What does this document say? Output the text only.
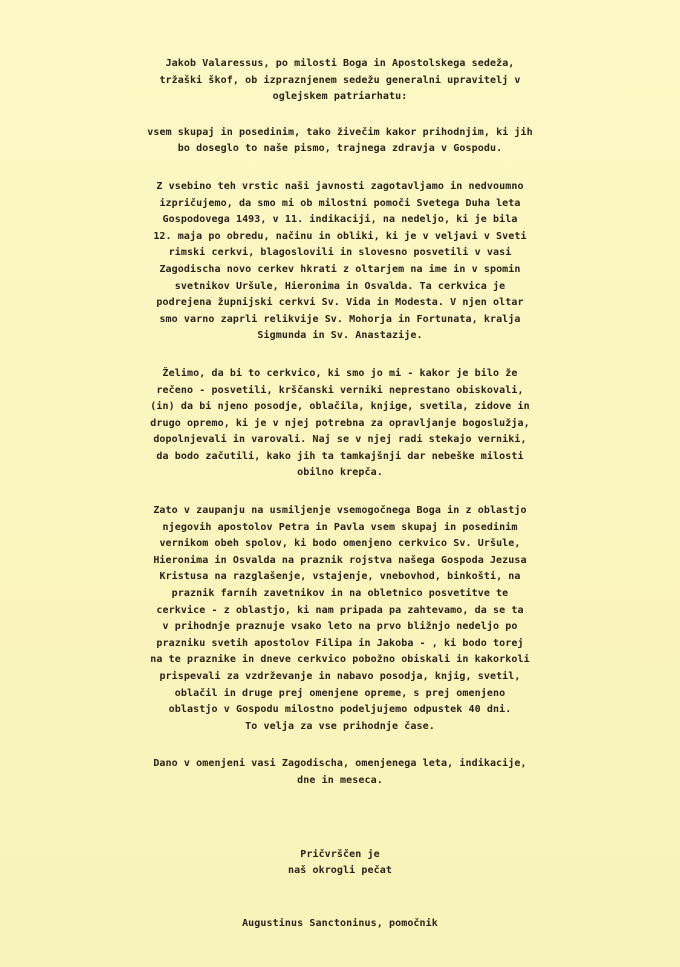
Jakob Valaressus, po milosti Boga in Apostolskega sedeža,
tržaški škof, ob izpraznjenem sedežu generalni upravitelj v
oglejskem patriarhatu:
vsem skupaj in posedinim, tako živečim kakor prihodnjim, ki jih
bo doseglo to naše pismo, trajnega zdravja v Gospodu.
Z vsebino teh vrstic naši javnosti zagotavljamo in nedvoumno
izpričujemo, da smo mi ob milostni pomoči Svetega Duha leta
Gospodovega 1493, v 11. indikaciji, na nedeljo, ki je bila
12. maja po obredu, načinu in obliki, ki je v veljavi v Sveti
rimski cerkvi, blagoslovili in slovesno posvetili v vasi
Zagodischa novo cerkev hkrati z oltarjem na ime in v spomin
svetnikov Uršule, Hieronima in Osvalda. Ta cerkvica je
podrejena župnijski cerkvi Sv. Vida in Modesta. V njen oltar
smo varno zaprli relikvije Sv. Mohorja in Fortunata, kralja
Sigmunda in Sv. Anastazije.
Želimo, da bi to cerkvico, ki smo jo mi - kakor je bilo že
rečeno - posvetili, krščanski verniki neprestano obiskovali,
(in) da bi njeno posodje, oblačila, knjige, svetila, zidove in
drugo opremo, ki je v njej potrebna za opravljanje bogoslužja,
dopolnjevali in varovali. Naj se v njej radi stekajo verniki,
da bodo začutili, kako jih ta tamkajšnji dar nebeške milosti
obilno krepča.
Zato v zaupanju na usmiljenje vsemogočnega Boga in z oblastjo
njegovih apostolov Petra in Pavla vsem skupaj in posedinim
vernikom obeh spolov, ki bodo omenjeno cerkvico Sv. Uršule,
Hieronima in Osvalda na praznik rojstva našega Gospoda Jezusa
Kristusa na razglašenje, vstajenje, vnebovhod, binkošti, na
praznik farnih zavetnikov in na obletnico posvetitve te
cerkvice - z oblastjo, ki nam pripada pa zahtevamo, da se ta
v prihodnje praznuje vsako leto na prvo bližnjo nedeljo po
prazniku svetih apostolov Filipa in Jakoba - , ki bodo torej
na te praznike in dneve cerkvico pobožno obiskali in kakorkoli
prispevali za vzdrževanje in nabavo posodja, knjig, svetil,
oblačil in druge prej omenjene opreme, s prej omenjeno
oblastjo v Gospodu milostno podeljujemo odpustek 40 dni.
To velja za vse prihodnje čase.
Dano v omenjeni vasi Zagodischa, omenjenega leta, indikacije,
dne in meseca.
Pričvrščen je
naš okrogli pečat
Augustinus Sanctoninus, pomočnik
